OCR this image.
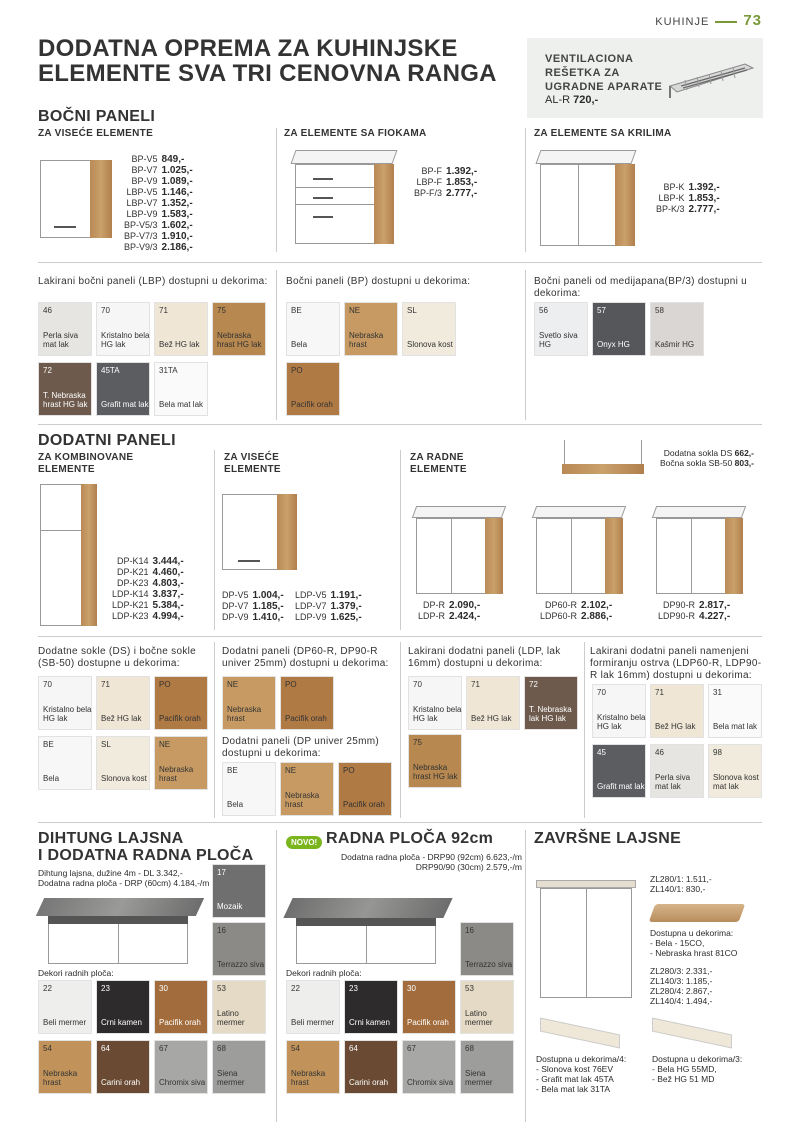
KUHINJE 73
DODATNA OPREMA ZA KUHINJSKE ELEMENTE SVA TRI CENOVNA RANGA
VENTILACIONA REŠETKA ZA UGRADNE APARATE
AL-R 720,-
BOČNI PANELI
ZA VISEĆE ELEMENTE	ZA ELEMENTE SA FIOKAMA	ZA ELEMENTE SA KRILIMA
BP-V5 849,-
BP-V7 1.025,-
BP-V9 1.089,-
LBP-V5 1.146,-
LBP-V7 1.352,-
LBP-V9 1.583,-
BP-V5/3 1.602,-
BP-V7/3 1.910,-
BP-V9/3 2.186,-
BP-F 1.392,-
LBP-F 1.853,-
BP-F/3 2.777,-
BP-K 1.392,-
LBP-K 1.853,-
BP-K/3 2.777,-
Lakirani bočni paneli (LBP) dostupni u dekorima: Bočni paneli (BP) dostupni u dekorima:	Bočni paneli od medijapana(BP/3) dostupni u dekorima:
46
Perla siva mat lak
70
Kristalno bela HG lak
71
Bež HG lak
75
Nebraska hrast HG lak
72
T. Nebraska hrast HG lak
45TA
Grafit mat lak
31TA
Bela mat lak
BE
Bela
NE
Nebraska hrast
SL
Slonova kost
PO
Pacifik orah
56
Svetlo siva HG
57
Onyx HG
58
Kašmir HG
DODATNI PANELI
ZA KOMBINOVANE ELEMENTE
ZA VISEĆE ELEMENTE
ZA RADNE ELEMENTE
DP-K14 3.444,-
DP-K21 4.460,-
DP-K23 4.803,-
LDP-K14 3.837,-
LDP-K21 5.384,-
LDP-K23 4.994,-
DP-V5 1.004,-
DP-V7 1.185,-
DP-V9 1.410,-
LDP-V5 1.191,-
LDP-V7 1.379,-
LDP-V9 1.625,-
Dodatna sokla DS 662,-
Bočna sokla SB-50 803,-
DP-R 2.090,-
LDP-R 2.424,-
DP60-R 2.102,-
LDP60-R 2.886,-
DP90-R 2.817,-
LDP90-R 4.227,-
Dodatne sokle (DS) i bočne sokle (SB-50) dostupne u dekorima:
Dodatni paneli (DP60-R, DP90-R univer 25mm) dostupni u dekorima:
Dodatni paneli (DP univer 25mm) dostupni u dekorima:
Lakirani dodatni paneli (LDP, lak 16mm) dostupni u dekorima:
Lakirani dodatni paneli namenjeni formiranju ostrva (LDP60-R, LDP90-R lak 16mm) dostupni u dekorima:
70
Kristalno bela HG lak
71
Bež HG lak
PO
Pacifik orah
BE
Bela
SL
Slonova kost
NE
Nebraska hrast
DIHTUNG LAJSNA
I DODATNA RADNA PLOČA
Dihtung lajsna, dužine 4m - DL 3.342,-
Dodatna radna ploča - DRP (60cm) 4.184,-/m
Dekori radnih ploča:
22
Beli mermer
23
Crni kamen
30
Pacifik orah
53
Latino mermer
54
Nebraska hrast
64
Carini orah
67
Chromix siva
68
Siena mermer
NOVO! RADNA PLOČA 92cm
Dodatna radna ploča - DRP90 (92cm) 6.623,-/m
DRP90/90 (30cm) 2.579,-/m
Dekori radnih ploča:
22
Beli mermer
23
Crni kamen
30
Pacifik orah
53
Latino mermer
54
Nebraska hrast
64
Carini orah
67
Chromix siva
68
Siena mermer
ZAVRŠNE LAJSNE
ZL280/1: 1.511,-
ZL140/1: 830,-
Dostupna u dekorima:
- Bela - 15CO,
- Nebraska hrast 81CO
ZL280/3: 2.331,-
ZL140/3: 1.185,-
ZL280/4: 2.867,-
ZL140/4: 1.494,-
Dostupna u dekorima/4:
- Slonova kost 76EV
- Grafit mat lak 45TA
- Bela mat lak 31TA
Dostupna u dekorima/3:
- Bela HG 55MD,
- Bež HG 51 MD
NE
Nebraska hrast
PO
Pacifik orah
BE
Bela
NE
Nebraska hrast
PO
Pacifik orah
70
Kristalno bela HG lak
71
Bež HG lak
72
T. Nebraska lak HG lak
75
Nebraska hrast HG lak
70
Kristalno bela HG lak
71
Bež HG lak
31
Bela mat lak
45
Grafit mat lak
46
Perla siva mat lak
98
Slonova kost mat lak
17
Mozaik
16
Terrazzo siva
16
Terrazzo siva
